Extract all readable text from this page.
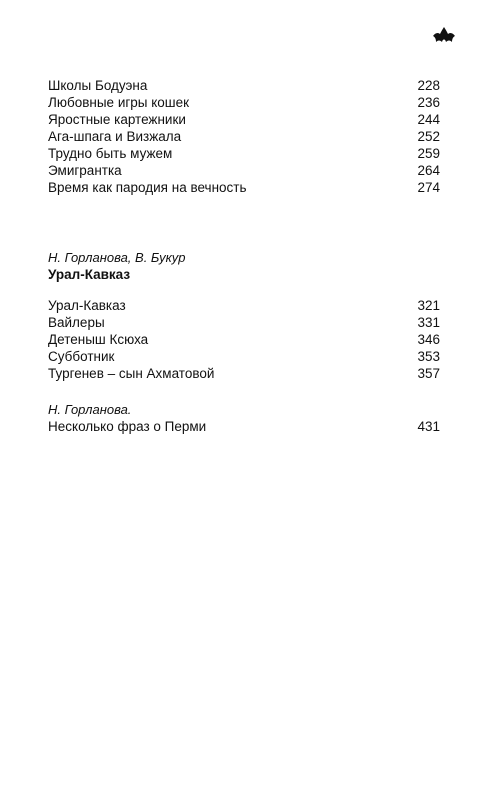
Школы Бодуэна	228
Любовные игры кошек	236
Яростные картежники	244
Ага-шпага и Визжала	252
Трудно быть мужем	259
Эмигрантка	264
Время как пародия на вечность	274
Н. Горланова, В. Букур
Урал-Кавказ
Урал-Кавказ	321
Вайлеры	331
Детеныш Ксюха	346
Субботник	353
Тургенев – сын Ахматовой	357
Н. Горланова.
Несколько фраз о Перми	431
